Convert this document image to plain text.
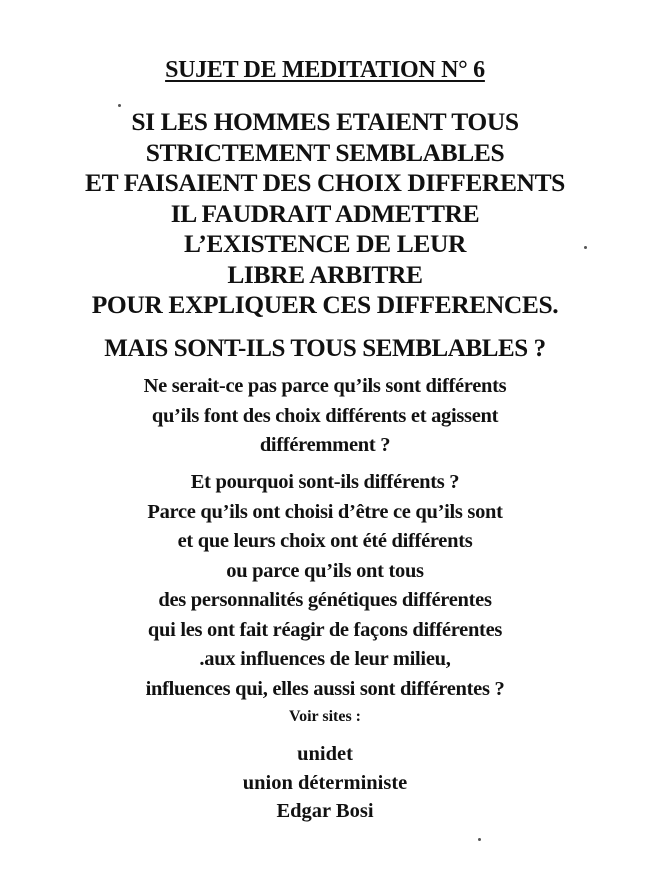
SUJET DE MEDITATION N° 6
SI LES HOMMES ETAIENT TOUS
STRICTEMENT SEMBLABLES
ET FAISAIENT DES CHOIX DIFFERENTS
IL FAUDRAIT ADMETTRE
L’EXISTENCE DE LEUR
LIBRE ARBITRE
POUR EXPLIQUER CES DIFFERENCES.
MAIS SONT-ILS TOUS SEMBLABLES ?
Ne serait-ce pas parce qu’ils sont différents
qu’ils font des choix différents et agissent
différemment ?
Et pourquoi sont-ils différents ?
Parce qu’ils ont choisi d’être ce qu’ils sont
et que leurs choix ont été différents
ou parce qu’ils ont tous
des personnalités génétiques différentes
qui les ont fait réagir de façons différentes
.aux influences de leur milieu,
influences qui, elles aussi sont différentes ?
Voir sites :
unidet
union déterministe
Edgar Bosi
